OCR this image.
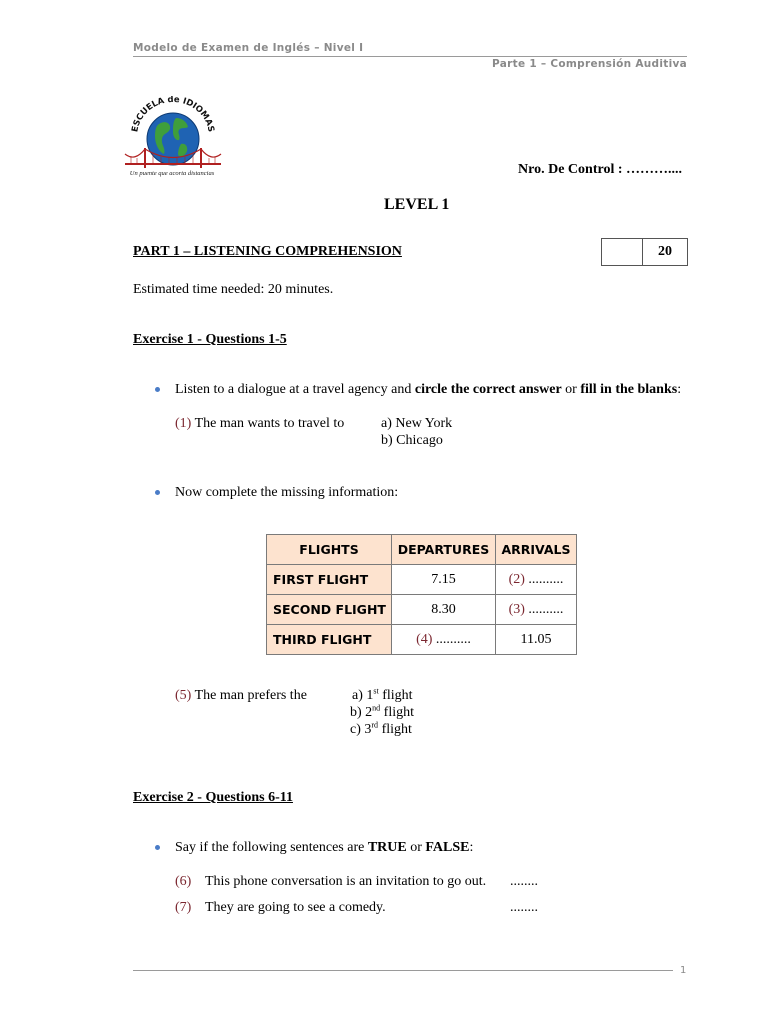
Modelo de Examen de Inglés – Nivel I
Parte 1 – Comprensión Auditiva
ESCUELA de IDIOMAS
Un puente que acorta distancias	Nro. De Control : ………....
LEVEL 1
PART 1 – LISTENING COMPREHENSION	20
Estimated time needed: 20 minutes.
Exercise 1 - Questions 1-5
Listen to a dialogue at a travel agency and circle the correct answer or fill in the blanks:
(1) The man wants to travel to	a) New York
b) Chicago
Now complete the missing information:
FLIGHTS	DEPARTURES	ARRIVALS
FIRST FLIGHT	7.15	(2) ..........
SECOND FLIGHT	8.30	(3) ..........
THIRD FLIGHT	(4) ..........	11.05
(5) The man prefers the	a) 1st flight
b) 2nd flight
c) 3rd flight
Exercise 2 - Questions 6-11
Say if the following sentences are TRUE or FALSE:
(6) This phone conversation is an invitation to go out. ........
(7) They are going to see a comedy.	........
1
